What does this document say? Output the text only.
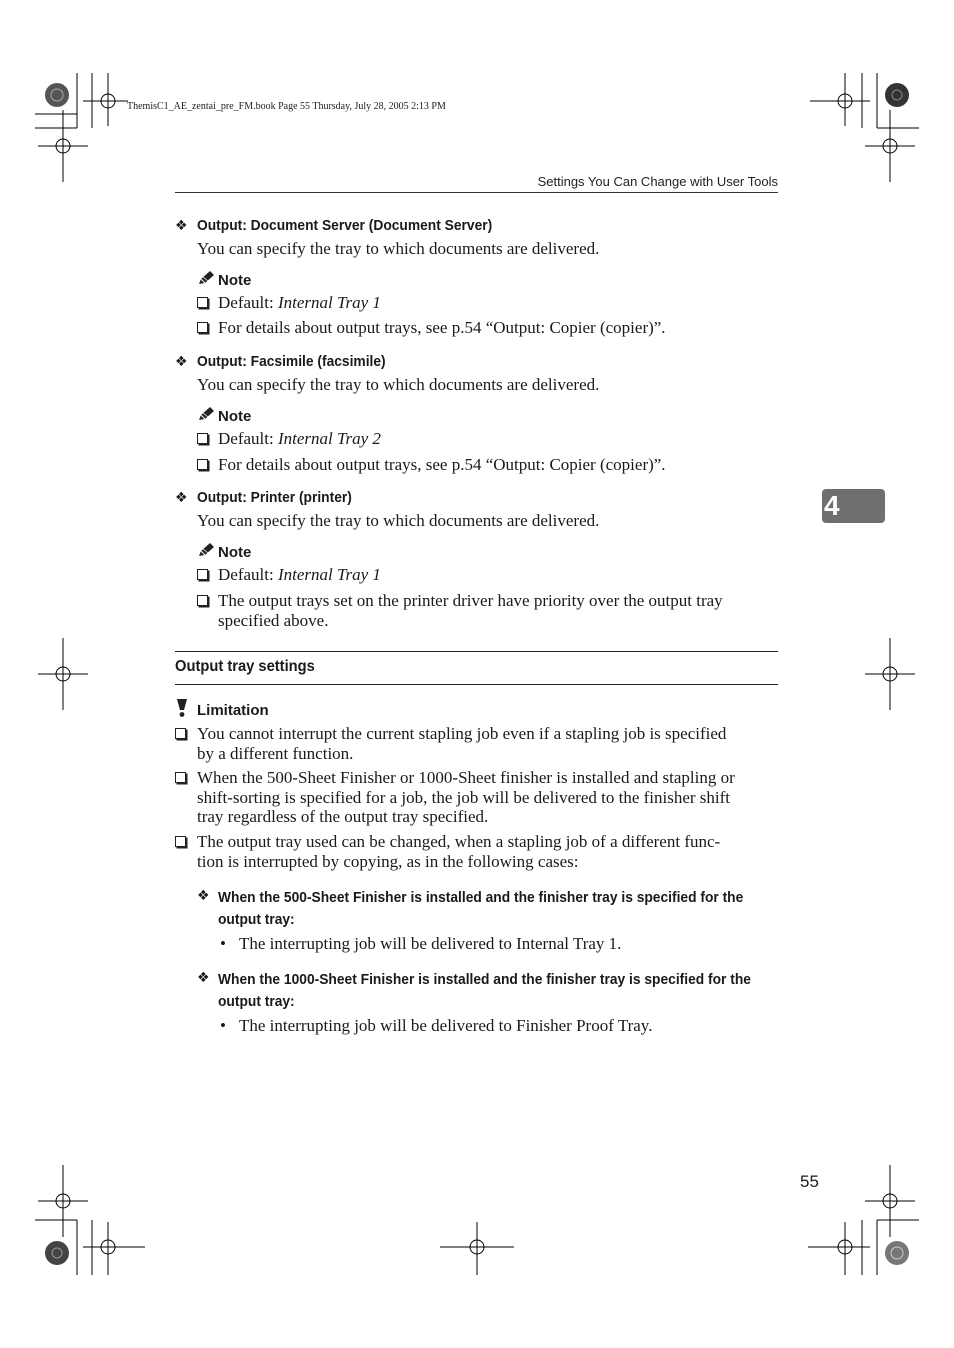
ThemisC1_AE_zentai_pre_FM.book Page 55 Thursday, July 28, 2005 2:13 PM
Settings You Can Change with User Tools
4
❖ Output: Document Server (Document Server)
You can specify the tray to which documents are delivered.
Note
Default: Internal Tray 1
For details about output trays, see p.54 “Output: Copier (copier)”.
❖ Output: Facsimile (facsimile)
You can specify the tray to which documents are delivered.
Note
Default: Internal Tray 2
For details about output trays, see p.54 “Output: Copier (copier)”.
❖ Output: Printer (printer)
You can specify the tray to which documents are delivered.
Note
Default: Internal Tray 1
The output trays set on the printer driver have priority over the output tray
specified above.
Output tray settings
Limitation
You cannot interrupt the current stapling job even if a stapling job is specified
by a different function.
When the 500-Sheet Finisher or 1000-Sheet finisher is installed and stapling or
shift-sorting is specified for a job, the job will be delivered to the finisher shift
tray regardless of the output tray specified.
The output tray used can be changed, when a stapling job of a different func-
tion is interrupted by copying, as in the following cases:
❖ When the 500-Sheet Finisher is installed and the finisher tray is specified for the
output tray:
• The interrupting job will be delivered to Internal Tray 1.
❖ When the 1000-Sheet Finisher is installed and the finisher tray is specified for the
output tray:
• The interrupting job will be delivered to Finisher Proof Tray.
55
